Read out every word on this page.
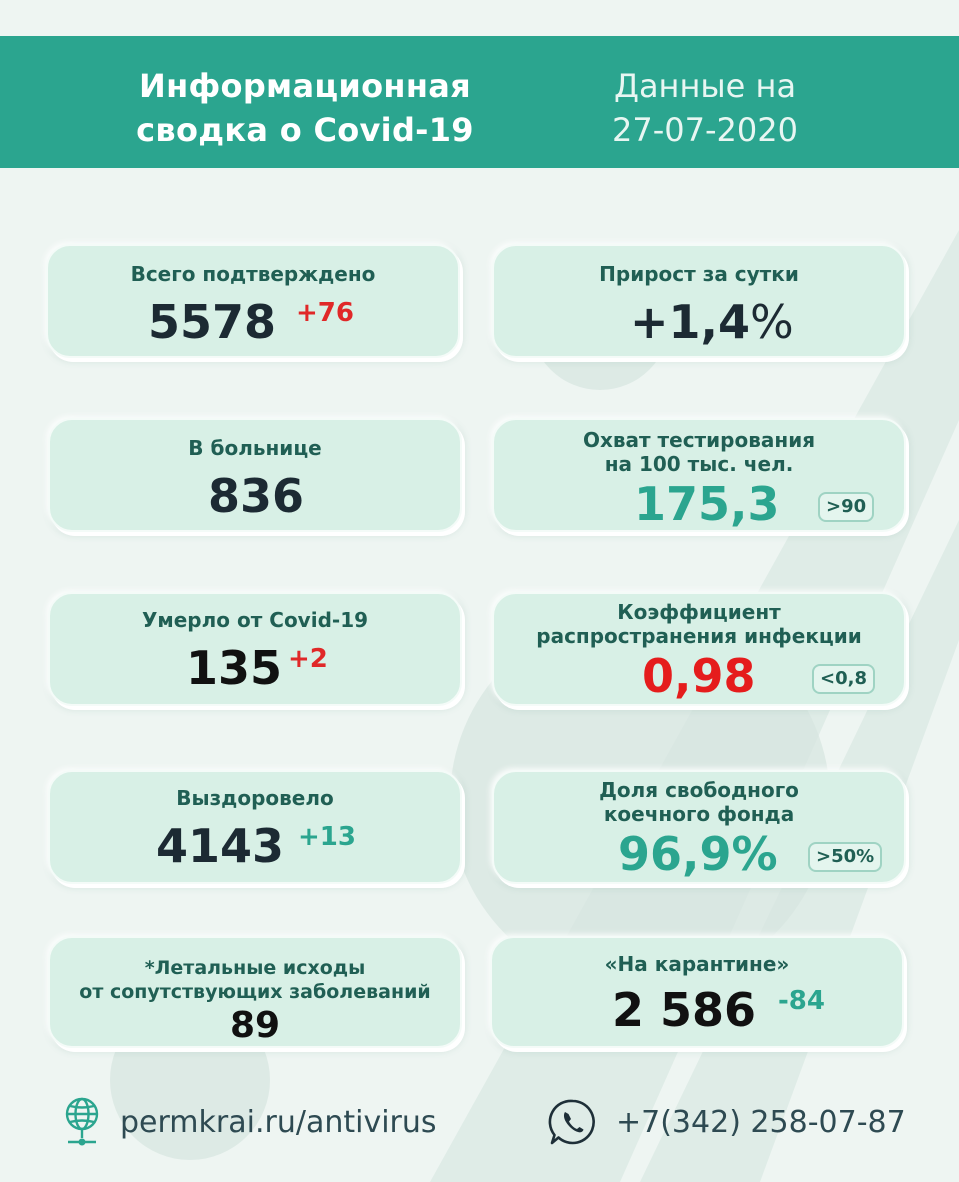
Информационная
сводка о Covid-19
Данные на
27-07-2020
Всего подтверждено
5578 +76
Прирост за сутки
+1,4%
В больнице
836
Охват тестирования
на 100 тыс. чел.
175,3	>90
Умерло от Covid-19
135 +2
Коэффициент
распространения инфекции
0,98	<0,8
Выздоровело
4143 +13
Доля свободного
коечного фонда
96,9%	>50%
*Летальные исходы
от сопутствующих заболеваний
89
«На карантине»
2 586 -84
permkrai.ru/antivirus	+7(342) 258-07-87
